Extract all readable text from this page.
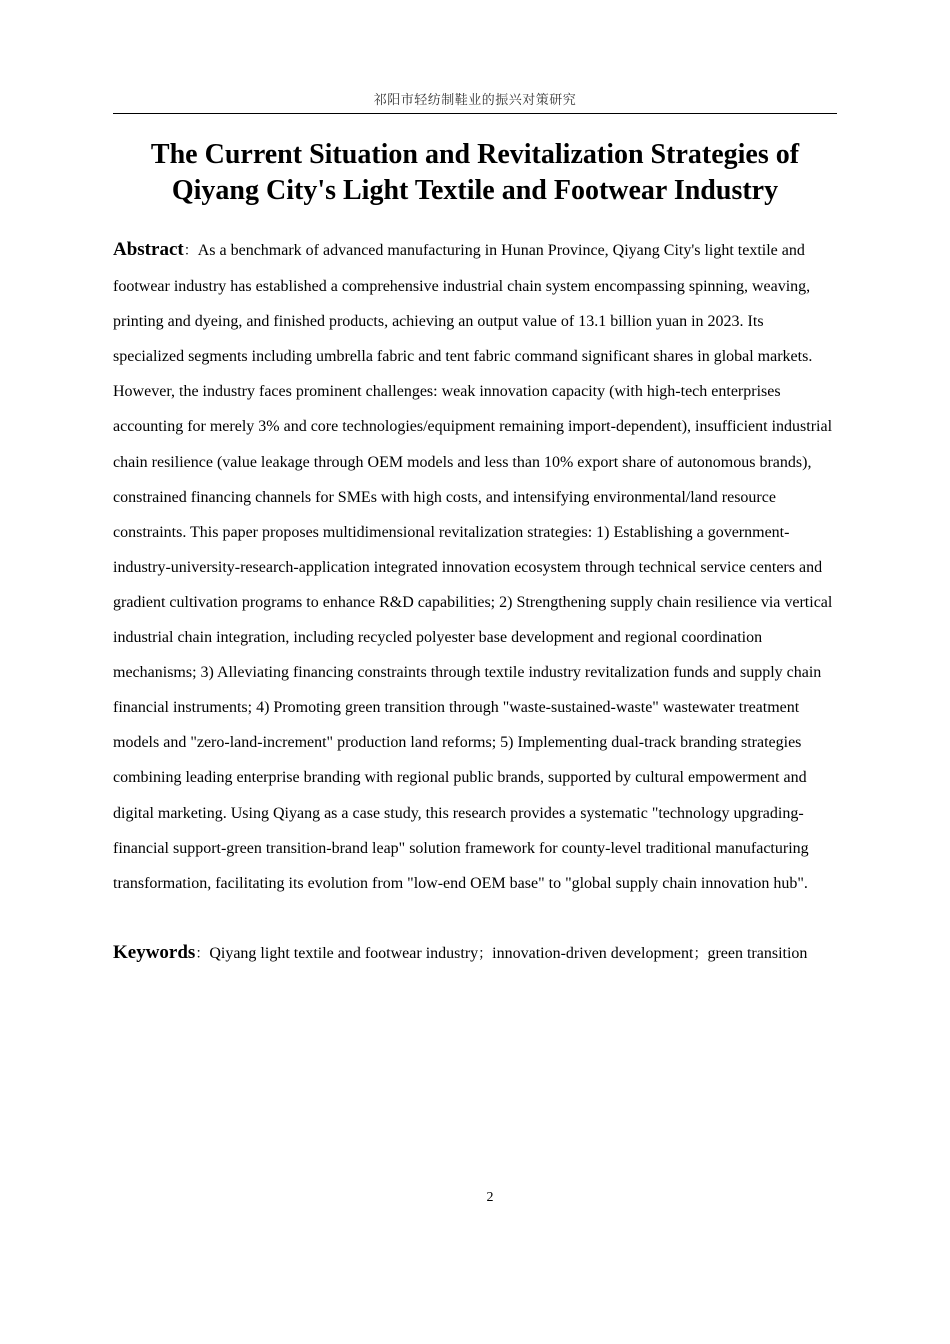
祁阳市轻纺制鞋业的振兴对策研究
The Current Situation and Revitalization Strategies of
Qiyang City's Light Textile and Footwear Industry

Abstract：As a benchmark of advanced manufacturing in Hunan Province, Qiyang City's light textile and footwear industry has established a comprehensive industrial chain system encompassing spinning, weaving, printing and dyeing, and finished products, achieving an output value of 13.1 billion yuan in 2023. Its specialized segments including umbrella fabric and tent fabric command significant shares in global markets. However, the industry faces prominent challenges: weak innovation capacity (with high-tech enterprises accounting for merely 3% and core technologies/equipment remaining import-dependent), insufficient industrial chain resilience (value leakage through OEM models and less than 10% export share of autonomous brands), constrained financing channels for SMEs with high costs, and intensifying environmental/land resource constraints. This paper proposes multidimensional revitalization strategies: 1) Establishing a government-industry-university-research-application integrated innovation ecosystem through technical service centers and gradient cultivation programs to enhance R&D capabilities; 2) Strengthening supply chain resilience via vertical industrial chain integration, including recycled polyester base development and regional coordination mechanisms; 3) Alleviating financing constraints through textile industry revitalization funds and supply chain financial instruments; 4) Promoting green transition through "waste-sustained-waste" wastewater treatment models and "zero-land-increment" production land reforms; 5) Implementing dual-track branding strategies combining leading enterprise branding with regional public brands, supported by cultural empowerment and digital marketing. Using Qiyang as a case study, this research provides a systematic "technology upgrading-financial support-green transition-brand leap" solution framework for county-level traditional manufacturing transformation, facilitating its evolution from "low-end OEM base" to "global supply chain innovation hub".

Keywords：Qiyang light textile and footwear industry；innovation-driven development；green transition

2
